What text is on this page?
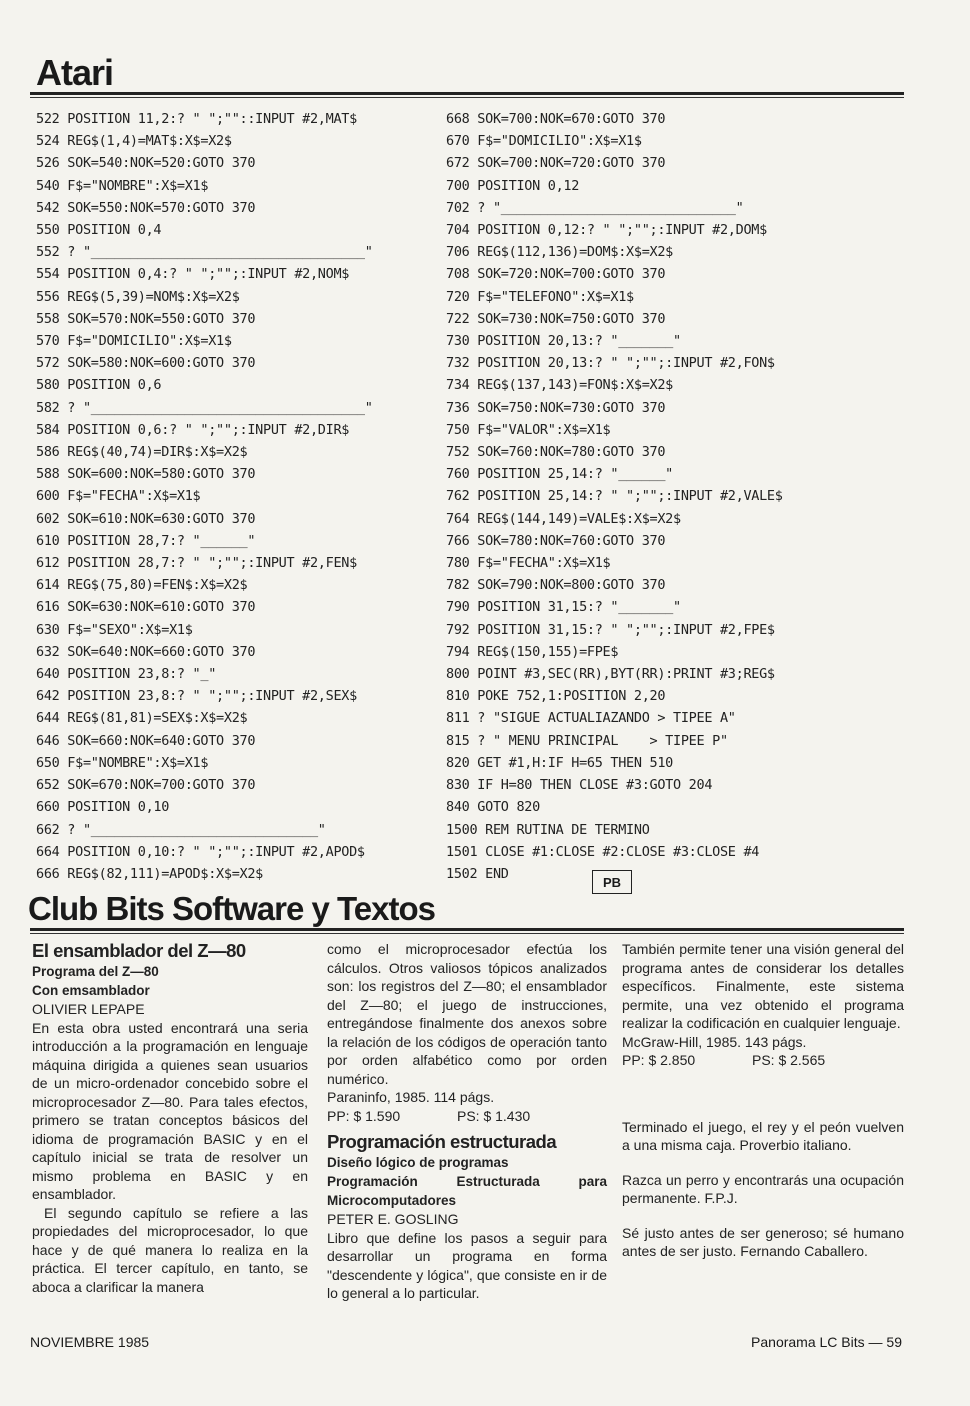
Atari
522 POSITION 11,2:? " ";""::INPUT #2,MAT$
524 REG$(1,4)=MAT$:X$=X2$
526 SOK=540:NOK=520:GOTO 370
540 F$="NOMBRE":X$=X1$
542 SOK=550:NOK=570:GOTO 370
550 POSITION 0,4
552 ? "___________________________________"
554 POSITION 0,4:? " ";"";:INPUT #2,NOM$
556 REG$(5,39)=NOM$:X$=X2$
558 SOK=570:NOK=550:GOTO 370
570 F$="DOMICILIO":X$=X1$
572 SOK=580:NOK=600:GOTO 370
580 POSITION 0,6
582 ? "___________________________________"
584 POSITION 0,6:? " ";"";:INPUT #2,DIR$
586 REG$(40,74)=DIR$:X$=X2$
588 SOK=600:NOK=580:GOTO 370
600 F$="FECHA":X$=X1$
602 SOK=610:NOK=630:GOTO 370
610 POSITION 28,7:? "______"
612 POSITION 28,7:? " ";"";:INPUT #2,FEN$
614 REG$(75,80)=FEN$:X$=X2$
616 SOK=630:NOK=610:GOTO 370
630 F$="SEXO":X$=X1$
632 SOK=640:NOK=660:GOTO 370
640 POSITION 23,8:? "_"
642 POSITION 23,8:? " ";"";:INPUT #2,SEX$
644 REG$(81,81)=SEX$:X$=X2$
646 SOK=660:NOK=640:GOTO 370
650 F$="NOMBRE":X$=X1$
652 SOK=670:NOK=700:GOTO 370
660 POSITION 0,10
662 ? "_____________________________"
664 POSITION 0,10:? " ";"";:INPUT #2,APOD$
666 REG$(82,111)=APOD$:X$=X2$
668 SOK=700:NOK=670:GOTO 370
670 F$="DOMICILIO":X$=X1$
672 SOK=700:NOK=720:GOTO 370
700 POSITION 0,12
702 ? "______________________________"
704 POSITION 0,12:? " ";"";:INPUT #2,DOM$
706 REG$(112,136)=DOM$:X$=X2$
708 SOK=720:NOK=700:GOTO 370
720 F$="TELEFONO":X$=X1$
722 SOK=730:NOK=750:GOTO 370
730 POSITION 20,13:? "_______"
732 POSITION 20,13:? " ";"";:INPUT #2,FON$
734 REG$(137,143)=FON$:X$=X2$
736 SOK=750:NOK=730:GOTO 370
750 F$="VALOR":X$=X1$
752 SOK=760:NOK=780:GOTO 370
760 POSITION 25,14:? "______"
762 POSITION 25,14:? " ";"";:INPUT #2,VALE$
764 REG$(144,149)=VALE$:X$=X2$
766 SOK=780:NOK=760:GOTO 370
780 F$="FECHA":X$=X1$
782 SOK=790:NOK=800:GOTO 370
790 POSITION 31,15:? "_______"
792 POSITION 31,15:? " ";"";:INPUT #2,FPE$
794 REG$(150,155)=FPE$
800 POINT #3,SEC(RR),BYT(RR):PRINT #3;REG$
810 POKE 752,1:POSITION 2,20
811 ? "SIGUE ACTUALIAZANDO > TIPEE A"
815 ? " MENU PRINCIPAL    > TIPEE P"
820 GET #1,H:IF H=65 THEN 510
830 IF H=80 THEN CLOSE #3:GOTO 204
840 GOTO 820
1500 REM RUTINA DE TERMINO
1501 CLOSE #1:CLOSE #2:CLOSE #3:CLOSE #4
1502 END
PB
Club Bits Software y Textos

El ensamblador del Z—80

Programa del Z—80

Con emsamblador

OLIVIER LEPAPE

En esta obra usted encontrará una seria introducción a la programación en lenguaje máquina dirigida a quienes sean usuarios de un micro-ordenador concebido sobre el microprocesador Z—80. Para tales efectos, primero se tratan conceptos básicos del idioma de programación BASIC y en el capítulo inicial se trata de resolver un mismo problema en BASIC y en ensamblador.

El segundo capítulo se refiere a las propiedades del microprocesador, lo que hace y de qué manera lo realiza en la práctica. El tercer capítulo, en tanto, se aboca a clarificar la manera

como el microprocesador efectúa los cálculos. Otros valiosos tópicos analizados son: los registros del Z—80; el ensamblador del Z—80; el juego de instrucciones, entregándose finalmente dos anexos sobre la relación de los códigos de operación tanto por orden alfabético como por orden numérico.

Paraninfo, 1985. 114 págs.

PP: $ 1.590	PS: $ 1.430

Programación estructurada

Diseño lógico de programas

Programación Estructurada para Microcomputadores

PETER E. GOSLING

Libro que define los pasos a seguir para desarrollar un programa en forma "descendente y lógica", que consiste en ir de lo general a lo particular.

También permite tener una visión general del programa antes de considerar los detalles específicos. Finalmente, este sistema permite, una vez obtenido el programa realizar la codificación en cualquier lenguaje.

McGraw-Hill, 1985. 143 págs.

PP: $ 2.850	PS: $ 2.565

Terminado el juego, el rey y el peón vuelven a una misma caja. Proverbio italiano.

Razca un perro y encontrarás una ocupación permanente. F.P.J.

Sé justo antes de ser generoso; sé humano antes de ser justo. Fernando Caballero.

NOVIEMBRE 1985	Panorama LC Bits — 59
